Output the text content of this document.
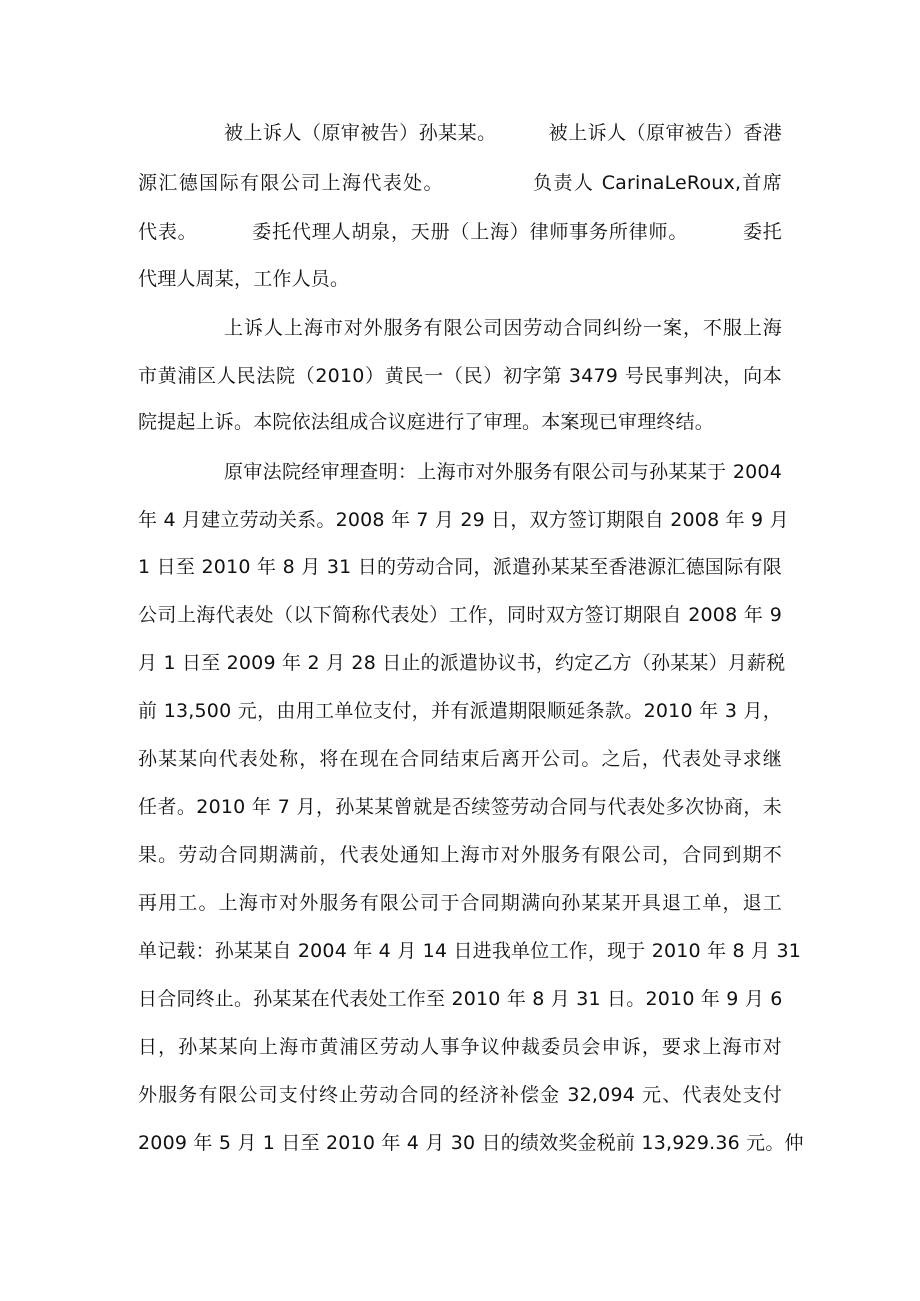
被上诉人（原审被告）孙某某。        被上诉人（原审被告）香港
源汇德国际有限公司上海代表处。            负责人 CarinaLeRoux,首席
代表。        委托代理人胡泉，天册（上海）律师事务所律师。        委托
代理人周某，工作人员。
上诉人上海市对外服务有限公司因劳动合同纠纷一案，不服上海
市黄浦区人民法院（2010）黄民一（民）初字第 3479 号民事判决，向本
院提起上诉。本院依法组成合议庭进行了审理。本案现已审理终结。
原审法院经审理查明：上海市对外服务有限公司与孙某某于 2004
年 4 月建立劳动关系。2008 年 7 月 29 日，双方签订期限自 2008 年 9 月
1 日至 2010 年 8 月 31 日的劳动合同，派遣孙某某至香港源汇德国际有限
公司上海代表处（以下简称代表处）工作，同时双方签订期限自 2008 年 9
月 1 日至 2009 年 2 月 28 日止的派遣协议书，约定乙方（孙某某）月薪税
前 13,500 元，由用工单位支付，并有派遣期限顺延条款。2010 年 3 月，
孙某某向代表处称，将在现在合同结束后离开公司。之后，代表处寻求继
任者。2010 年 7 月，孙某某曾就是否续签劳动合同与代表处多次协商，未
果。劳动合同期满前，代表处通知上海市对外服务有限公司，合同到期不
再用工。上海市对外服务有限公司于合同期满向孙某某开具退工单，退工
单记载：孙某某自 2004 年 4 月 14 日进我单位工作，现于 2010 年 8 月 31
日合同终止。孙某某在代表处工作至 2010 年 8 月 31 日。2010 年 9 月 6
日，孙某某向上海市黄浦区劳动人事争议仲裁委员会申诉，要求上海市对
外服务有限公司支付终止劳动合同的经济补偿金 32,094 元、代表处支付
2009 年 5 月 1 日至 2010 年 4 月 30 日的绩效奖金税前 13,929.36 元。仲
